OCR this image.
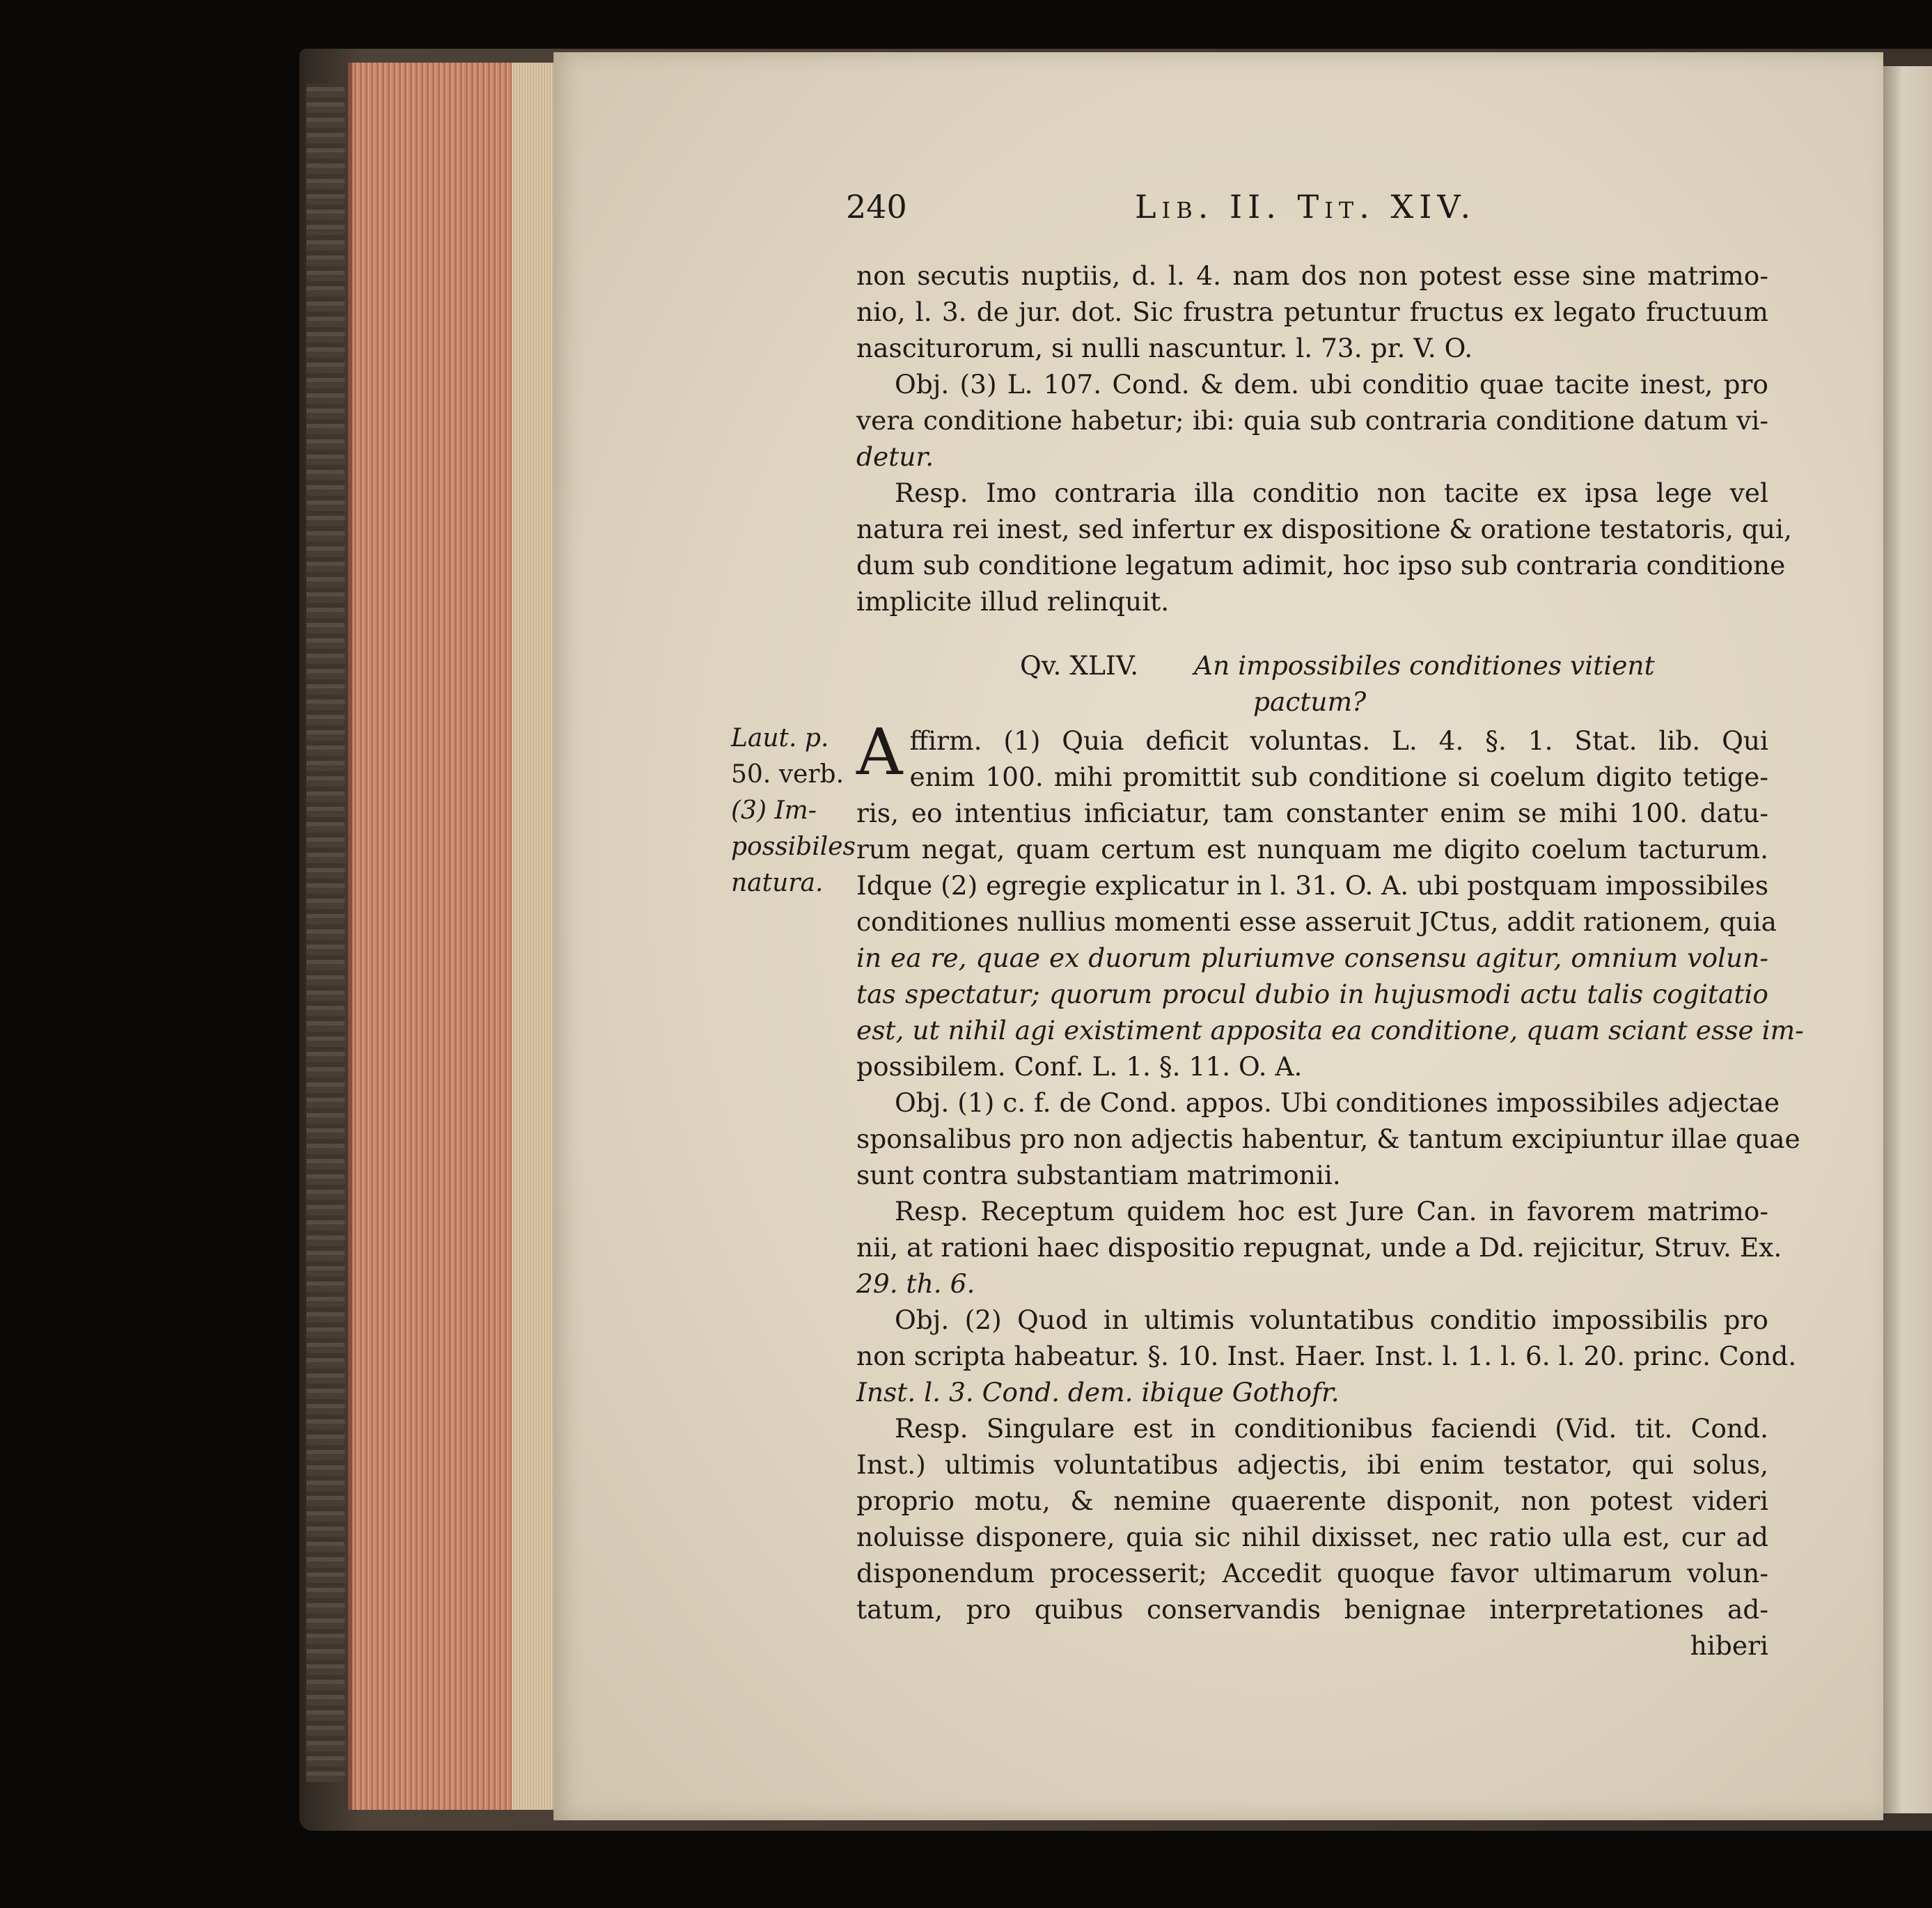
240	Lib. II. Tit. XIV.
Laut. p.
50. verb.
(3) Im-
possibiles
natura.
non secutis nuptiis, d. l. 4. nam dos non potest esse sine matrimo-
nio, l. 3. de jur. dot. Sic frustra petuntur fructus ex legato fructuum
nasciturorum, si nulli nascuntur. l. 73. pr. V. O.
Obj. (3) L. 107. Cond. & dem. ubi conditio quae tacite inest, pro
vera conditione habetur; ibi: quia sub contraria conditione datum vi-
detur.
Resp. Imo contraria illa conditio non tacite ex ipsa lege vel
natura rei inest, sed infertur ex dispositione & oratione testatoris, qui,
dum sub conditione legatum adimit, hoc ipso sub contraria conditione
implicite illud relinquit.
Qv. XLIV. An impossibiles conditiones vitient
pactum?
A ffirm. (1) Quia deficit voluntas. L. 4. §. 1. Stat. lib. Qui
enim 100. mihi promittit sub conditione si coelum digito tetige-
ris, eo intentius inficiatur, tam constanter enim se mihi 100. datu-
rum negat, quam certum est nunquam me digito coelum tacturum.
Idque (2) egregie explicatur in l. 31. O. A. ubi postquam impossibiles
conditiones nullius momenti esse asseruit JCtus, addit rationem, quia
in ea re, quae ex duorum pluriumve consensu agitur, omnium volun-
tas spectatur; quorum procul dubio in hujusmodi actu talis cogitatio
est, ut nihil agi existiment apposita ea conditione, quam sciant esse im-
possibilem. Conf. L. 1. §. 11. O. A.
Obj. (1) c. f. de Cond. appos. Ubi conditiones impossibiles adjectae
sponsalibus pro non adjectis habentur, & tantum excipiuntur illae quae
sunt contra substantiam matrimonii.
Resp. Receptum quidem hoc est Jure Can. in favorem matrimo-
nii, at rationi haec dispositio repugnat, unde a Dd. rejicitur, Struv. Ex.
29. th. 6.
Obj. (2) Quod in ultimis voluntatibus conditio impossibilis pro
non scripta habeatur. §. 10. Inst. Haer. Inst. l. 1. l. 6. l. 20. princ. Cond.
Inst. l. 3. Cond. dem. ibique Gothofr.
Resp. Singulare est in conditionibus faciendi (Vid. tit. Cond.
Inst.) ultimis voluntatibus adjectis, ibi enim testator, qui solus,
proprio motu, & nemine quaerente disponit, non potest videri
noluisse disponere, quia sic nihil dixisset, nec ratio ulla est, cur ad
disponendum processerit; Accedit quoque favor ultimarum volun-
tatum, pro quibus conservandis benignae interpretationes ad-
hiberi
